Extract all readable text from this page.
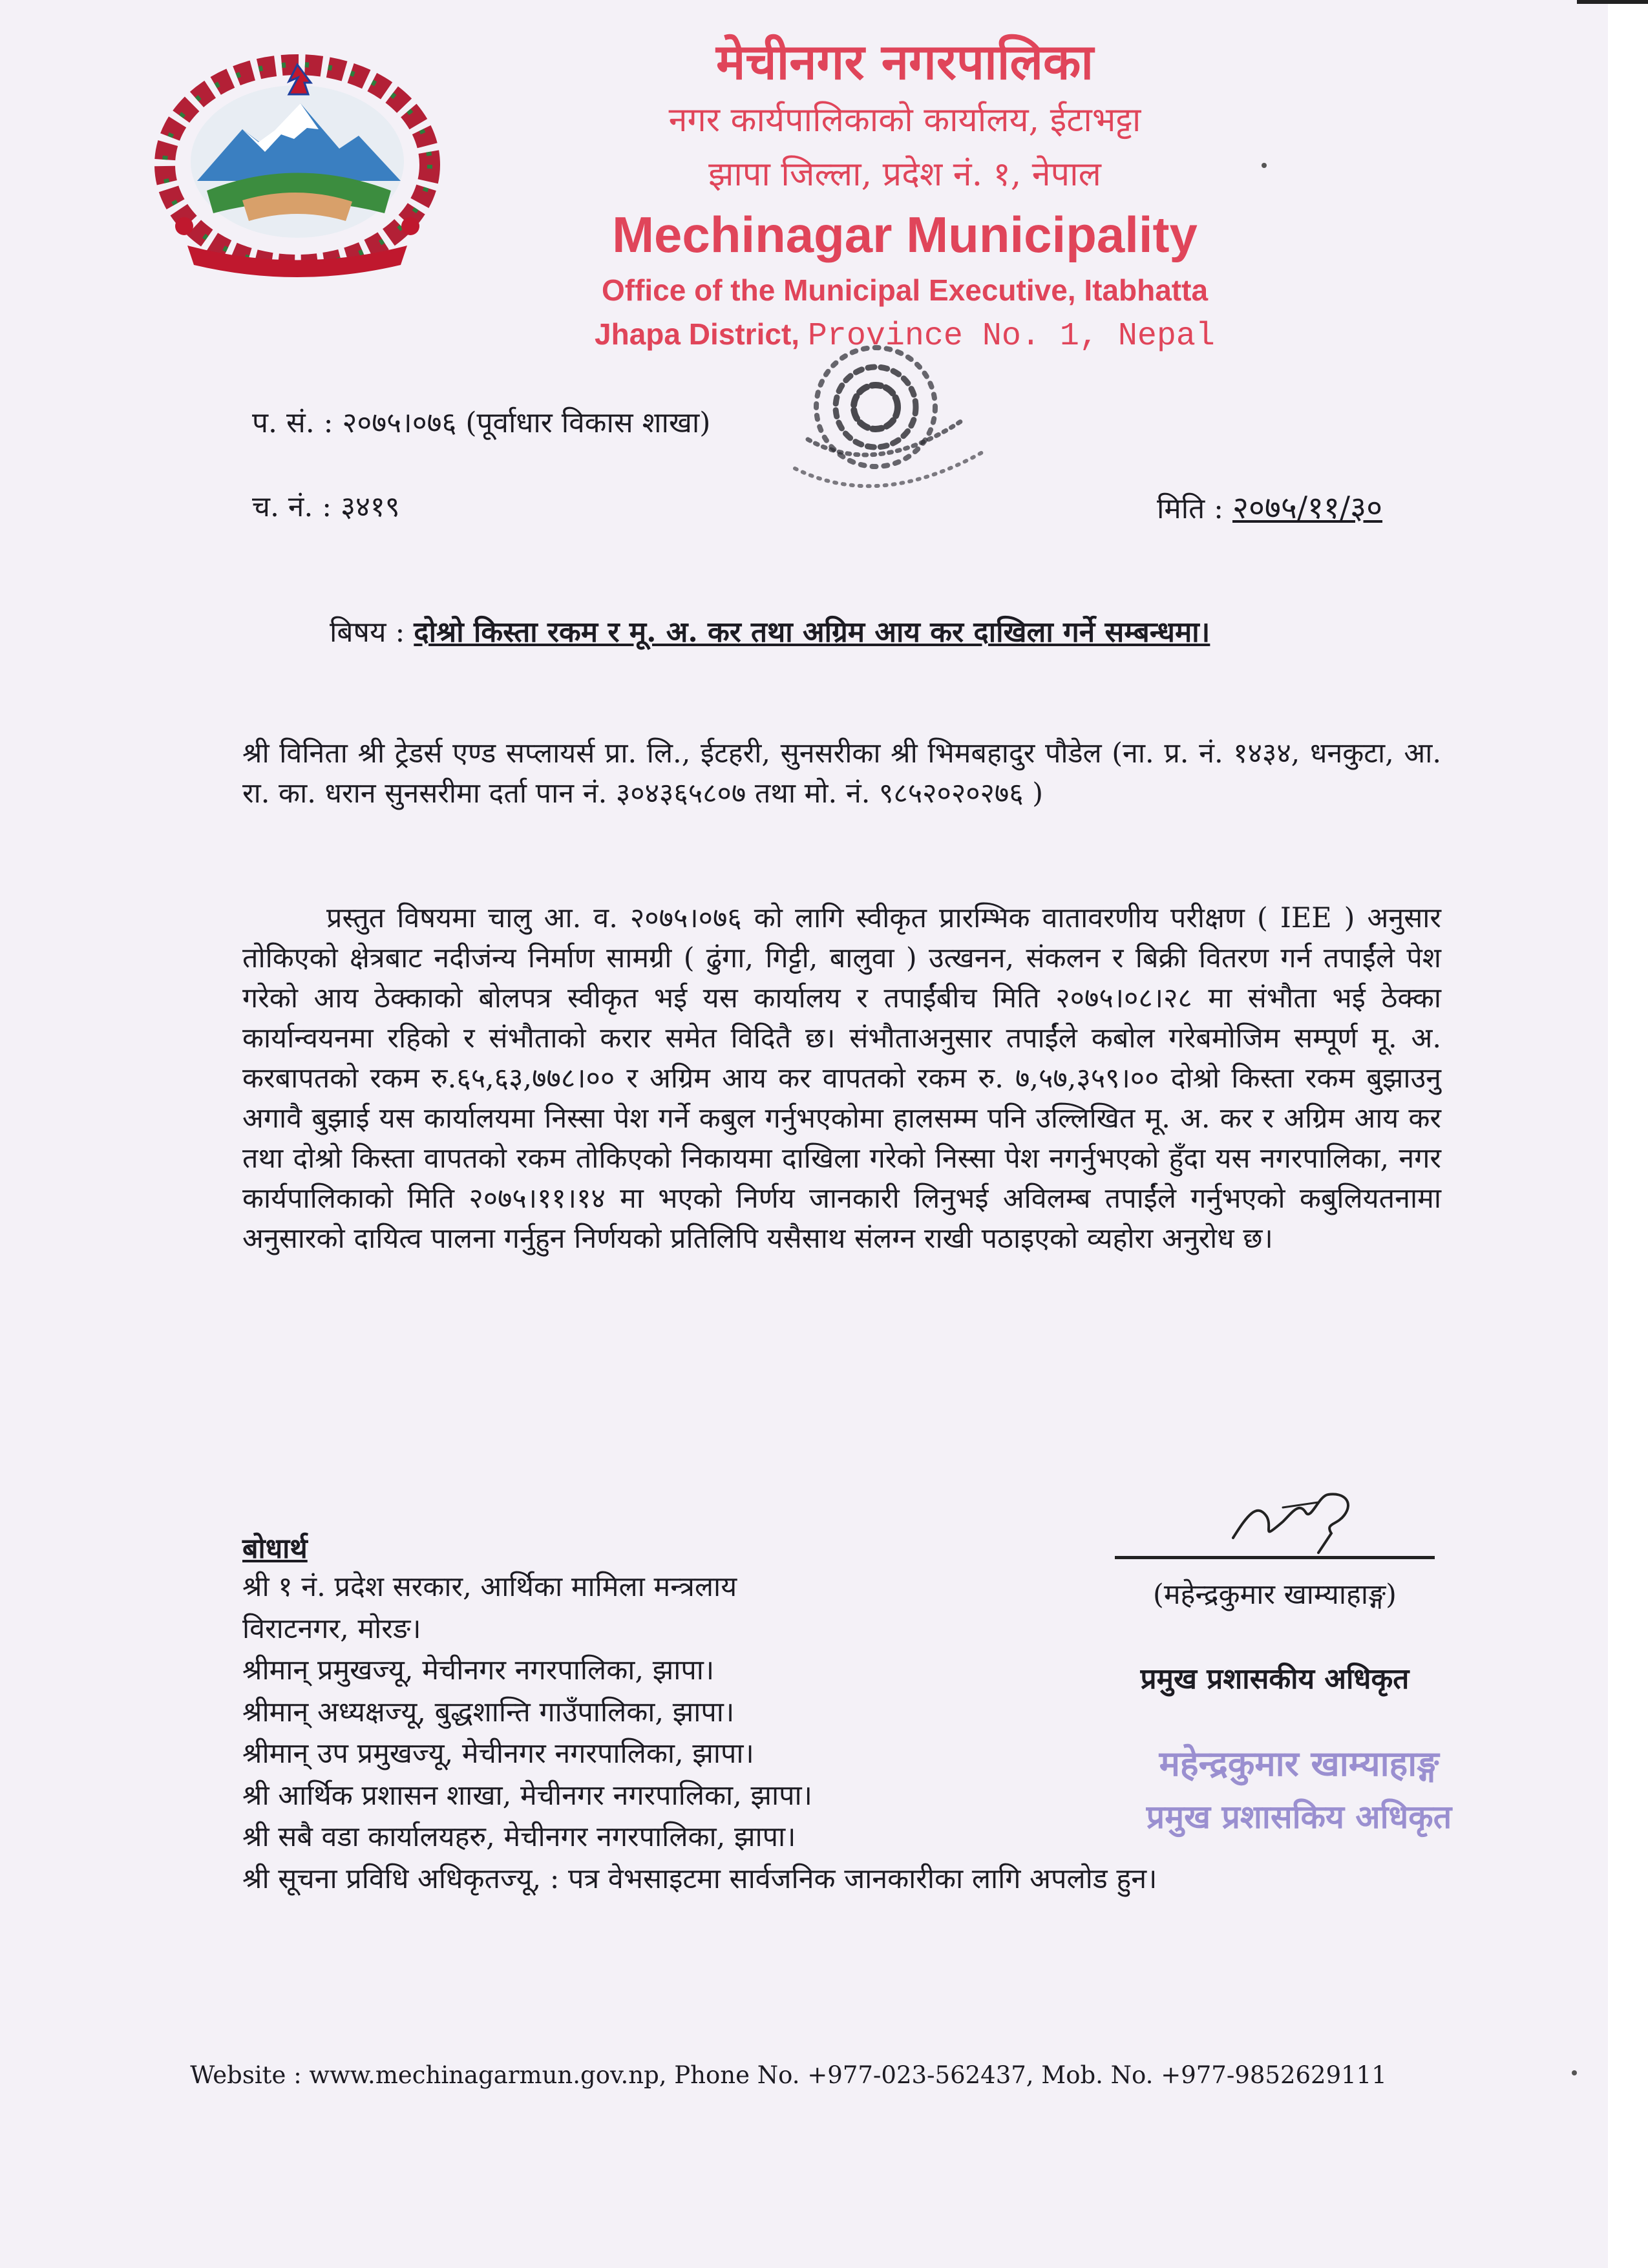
मेचीनगर नगरपालिका
नगर कार्यपालिकाको कार्यालय, ईटाभट्टा
झापा जिल्ला, प्रदेश नं. १, नेपाल
Mechinagar Municipality
Office of the Municipal Executive, Itabhatta
Jhapa District, Province No. 1, Nepal
प. सं. : २०७५।०७६ (पूर्वाधार विकास शाखा)
च. नं. : ३४१९	मिति : २०७५/११/३०
बिषय : दोश्रो किस्ता रकम र मू. अ. कर तथा अग्रिम आय कर दाखिला गर्ने सम्बन्धमा।
श्री विनिता श्री ट्रेडर्स एण्ड सप्लायर्स प्रा. लि., ईटहरी, सुनसरीका श्री भिमबहादुर पौडेल (ना. प्र. नं. १४३४, धनकुटा, आ. रा. का. धरान सुनसरीमा दर्ता पान नं. ३०४३६५८०७ तथा मो. नं. ९८५२०२०२७६ )
प्रस्तुत विषयमा चालु आ. व. २०७५।०७६ को लागि स्वीकृत प्रारम्भिक वातावरणीय परीक्षण ( IEE ) अनुसार तोकिएको क्षेत्रबाट नदीजंन्य निर्माण सामग्री ( ढुंगा, गिट्टी, बालुवा ) उत्खनन, संकलन र बिक्री वितरण गर्न तपाईंले पेश गरेको आय ठेक्काको बोलपत्र स्वीकृत भई यस कार्यालय र तपाईंबीच मिति २०७५।०८।२८ मा संभौता भई ठेक्का कार्यान्वयनमा रहिको र संभौताको करार समेत विदितै छ। संभौताअनुसार तपाईंले कबोल गरेबमोजिम सम्पूर्ण मू. अ. करबापतको रकम रु.६५,६३,७७८।०० र अग्रिम आय कर वापतको रकम रु. ७,५७,३५९।०० दोश्रो किस्ता रकम बुझाउनु अगावै बुझाई यस कार्यालयमा निस्सा पेश गर्ने कबुल गर्नुभएकोमा हालसम्म पनि उल्लिखित मू. अ. कर र अग्रिम आय कर तथा दोश्रो किस्ता वापतको रकम तोकिएको निकायमा दाखिला गरेको निस्सा पेश नगर्नुभएको हुँदा यस नगरपालिका, नगर कार्यपालिकाको मिति २०७५।११।१४ मा भएको निर्णय जानकारी लिनुभई अविलम्ब तपाईंले गर्नुभएको कबुलियतनामा अनुसारको दायित्व पालना गर्नुहुन निर्णयको प्रतिलिपि यसैसाथ संलग्न राखी पठाइएको व्यहोरा अनुरोध छ।
बोधार्थ
श्री १ नं. प्रदेश सरकार, आर्थिका मामिला मन्त्रलाय
विराटनगर, मोरङ।
श्रीमान् प्रमुखज्यू, मेचीनगर नगरपालिका, झापा।
श्रीमान् अध्यक्षज्यू, बुद्धशान्ति गाउँपालिका, झापा।
श्रीमान् उप प्रमुखज्यू, मेचीनगर नगरपालिका, झापा।
श्री आर्थिक प्रशासन शाखा, मेचीनगर नगरपालिका, झापा।
श्री सबै वडा कार्यालयहरु, मेचीनगर नगरपालिका, झापा।
श्री सूचना प्रविधि अधिकृतज्यू, : पत्र वेभसाइटमा सार्वजनिक जानकारीका लागि अपलोड हुन।
(महेन्द्रकुमार खाम्याहाङ्ग)
प्रमुख प्रशासकीय अधिकृत
महेन्द्रकुमार खाम्याहाङ्ग
प्रमुख प्रशासकिय अधिकृत
Website : www.mechinagarmun.gov.np, Phone No. +977-023-562437, Mob. No. +977-9852629111
